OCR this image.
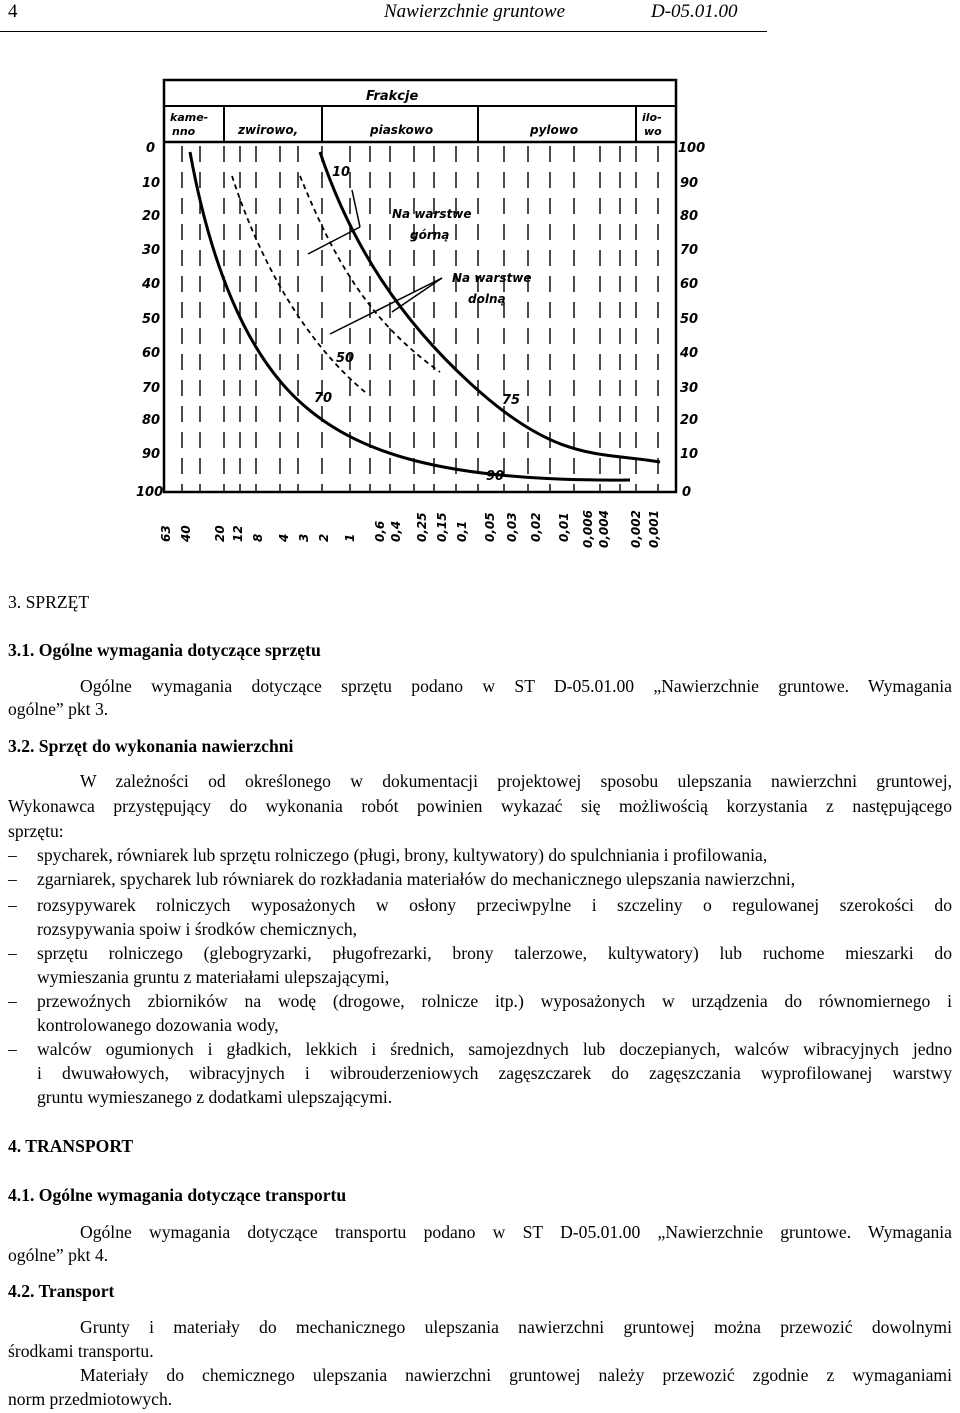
4	Nawierzchnie gruntowe	D-05.01.00
Frakcje
kame-
nno	zwirowo,	piaskowo	pylowo
ilo-
wo
Na warstwe
górną
Na warstwe
dolną
10
50
70	75
90
0
10
20
30
40
50
60
70
80
90
100
100
90
80
70
60
50
40
30
20
10
0
63 40 20 12 8 4 3 2 1 0,6 0,4 0,25 0,15 0,1 0,05 0,03 0,02 0,01 0,006 0,004 0,002 0,001
3. SPRZĘT
3.1. Ogólne wymagania dotyczące sprzętu
Ogólne wymagania dotyczące sprzętu podano w ST D-05.01.00 „Nawierzchnie gruntowe. Wymagania
ogólne” pkt 3.
3.2. Sprzęt do wykonania nawierzchni
W zależności od określonego w dokumentacji projektowej sposobu ulepszania nawierzchni gruntowej,
Wykonawca przystępujący do wykonania robót powinien wykazać się możliwością korzystania z następującego
sprzętu:
– spycharek, równiarek lub sprzętu rolniczego (pługi, brony, kultywatory) do spulchniania i profilowania,
– zgarniarek, spycharek lub równiarek do rozkładania materiałów do mechanicznego ulepszania nawierzchni,
– rozsypywarek rolniczych wyposażonych w osłony przeciwpylne i szczeliny o regulowanej szerokości do
rozsypywania spoiw i środków chemicznych,
– sprzętu rolniczego (glebogryzarki, pługofrezarki, brony talerzowe, kultywatory) lub ruchome mieszarki do
wymieszania gruntu z materiałami ulepszającymi,
– przewoźnych zbiorników na wodę (drogowe, rolnicze itp.) wyposażonych w urządzenia do równomiernego i
kontrolowanego dozowania wody,
– walców ogumionych i gładkich, lekkich i średnich, samojezdnych lub doczepianych, walców wibracyjnych jedno
i dwuwałowych, wibracyjnych i wibrouderzeniowych zagęszczarek do zagęszczania wyprofilowanej warstwy
gruntu wymieszanego z dodatkami ulepszającymi.
4. TRANSPORT
4.1. Ogólne wymagania dotyczące transportu
Ogólne wymagania dotyczące transportu podano w ST D-05.01.00 „Nawierzchnie gruntowe. Wymagania
ogólne” pkt 4.
4.2. Transport
Grunty i materiały do mechanicznego ulepszania nawierzchni gruntowej można przewozić dowolnymi
środkami transportu.
Materiały do chemicznego ulepszania nawierzchni gruntowej należy przewozić zgodnie z wymaganiami
norm przedmiotowych.
